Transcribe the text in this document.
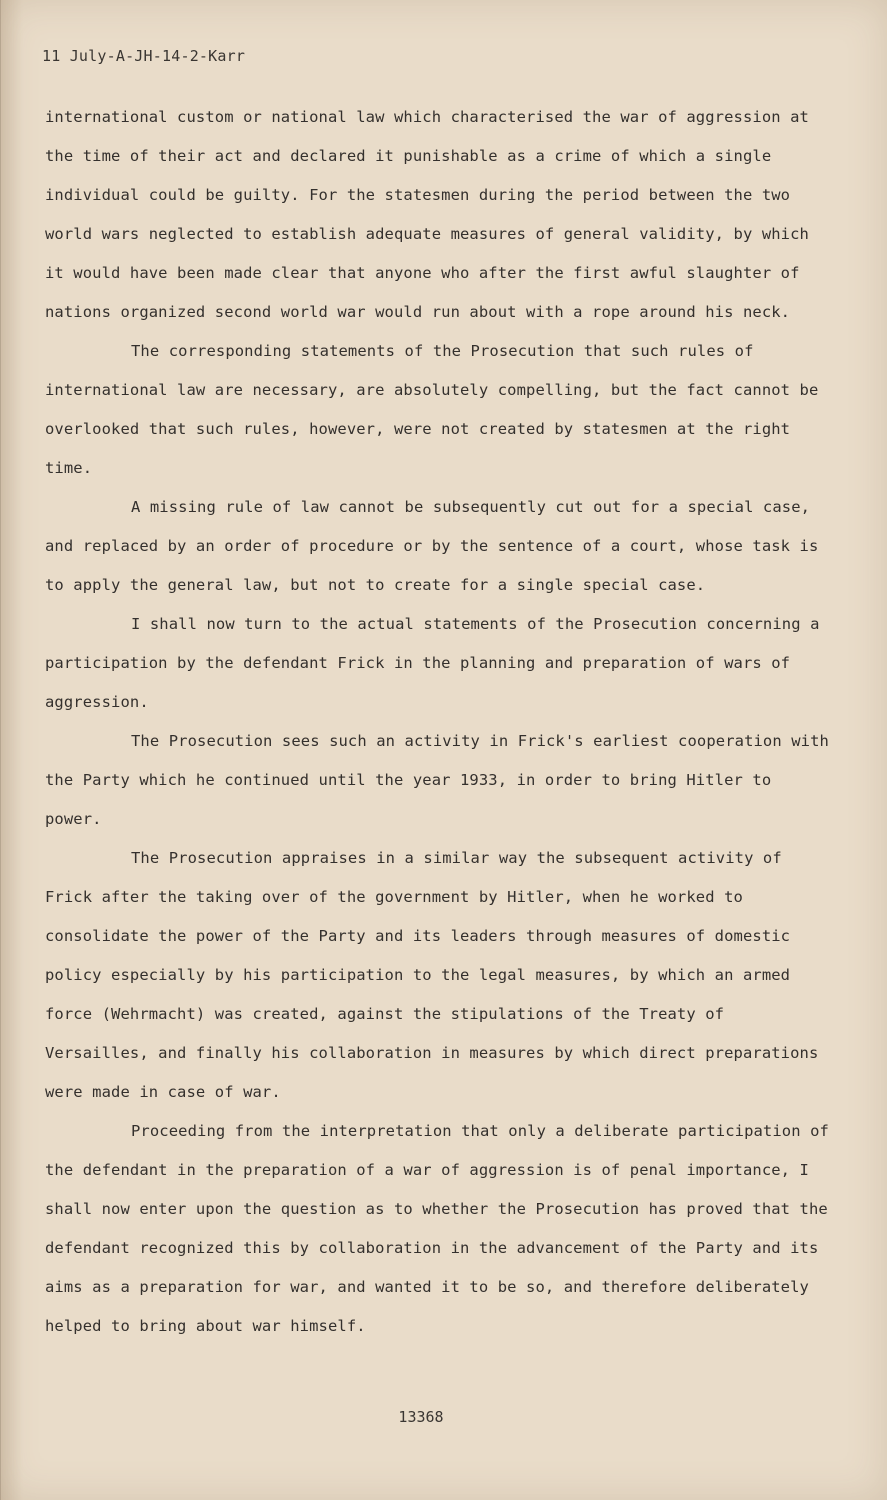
11 July-A-JH-14-2-Karr

international custom or national law which characterised the war of aggression at the time of their act and declared it punishable as a crime of which a single individual could be guilty. For the statesmen during the period between the two world wars neglected to establish adequate measures of general validity, by which it would have been made clear that anyone who after the first awful slaughter of nations organized second world war would run about with a rope around his neck.

The corresponding statements of the Prosecution that such rules of international law are necessary, are absolutely compelling, but the fact cannot be overlooked that such rules, however, were not created by statesmen at the right time.

A missing rule of law cannot be subsequently cut out for a special case, and replaced by an order of procedure or by the sentence of a court, whose task is to apply the general law, but not to create for a single special case.

I shall now turn to the actual statements of the Prosecution concerning a participation by the defendant Frick in the planning and preparation of wars of aggression.

The Prosecution sees such an activity in Frick's earliest cooperation with the Party which he continued until the year 1933, in order to bring Hitler to power.

The Prosecution appraises in a similar way the subsequent activity of Frick after the taking over of the government by Hitler, when he worked to consolidate the power of the Party and its leaders through measures of domestic policy especially by his participation to the legal measures, by which an armed force (Wehrmacht) was created, against the stipulations of the Treaty of Versailles, and finally his collaboration in measures by which direct preparations were made in case of war.

Proceeding from the interpretation that only a deliberate participation of the defendant in the preparation of a war of aggression is of penal importance, I shall now enter upon the question as to whether the Prosecution has proved that the defendant recognized this by collaboration in the advancement of the Party and its aims as a preparation for war, and wanted it to be so, and therefore deliberately helped to bring about war himself.

13368
